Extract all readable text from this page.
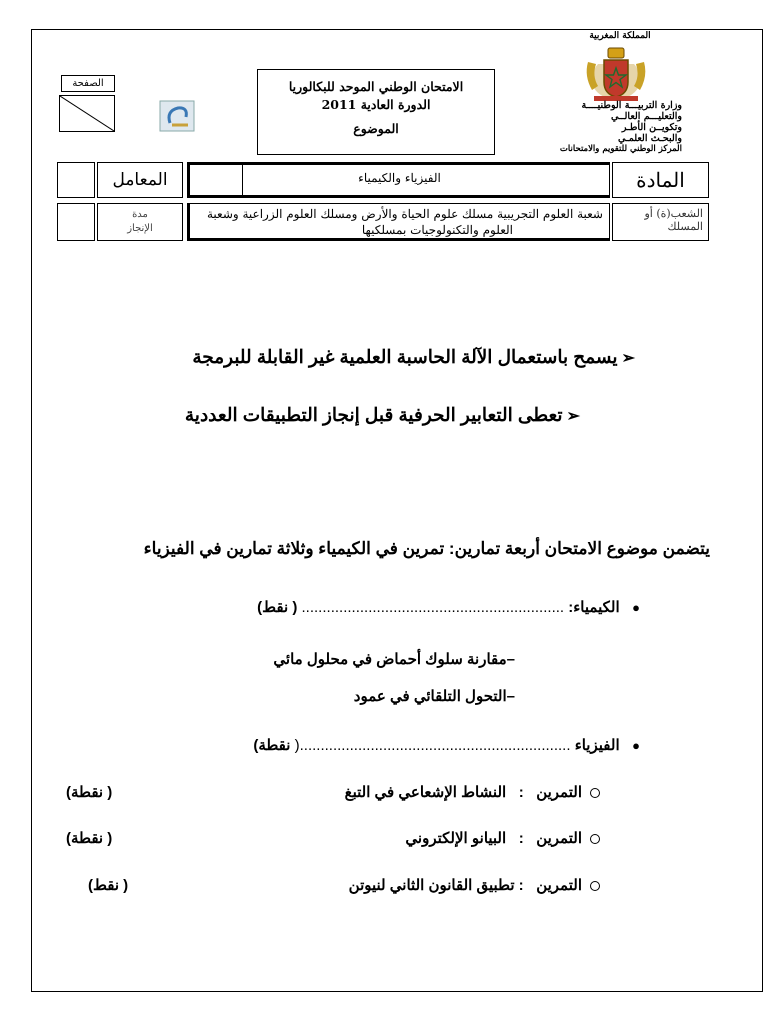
المملكة المغربية
وزارة التربيـــة الوطنيــــة
والتعليـــم العالــي
وتكويــن الأطـر
والبحـث العلمـي
المركز الوطني للتقويم والامتحانات
الامتحان الوطني الموحد للبكالوريا
الدورة العادية 2011
الموضوع
الصفحة
المادة
الفيزياء والكيمياء
المعامل
الشعب(ة) أو
المسلك
شعبة العلوم التجريبية مسلك علوم الحياة والأرض ومسلك العلوم الزراعية وشعبة
العلوم والتكنولوجيات بمسلكيها
مدة
الإنجاز
➢يسمح باستعمال الآلة الحاسبة العلمية غير القابلة للبرمجة
➢تعطى التعابير الحرفية قبل إنجاز التطبيقات العددية
يتضمن موضوع الامتحان أربعة تمارين: تمرين في الكيمياء وثلاثة تمارين في الفيزياء
●   الكيمياء: ............................................................... ( نقط)
–مقارنة سلوك أحماض في محلول مائي
–التحول التلقائي في عمود
●   الفيزياء .................................................................( نقطة)
التمرين   :   النشاط الإشعاعي في التبغ
( نقطة)
التمرين   :   البيانو الإلكتروني
( نقطة)
التمرين   : تطبيق القانون الثاني لنيوتن
( نقط)
